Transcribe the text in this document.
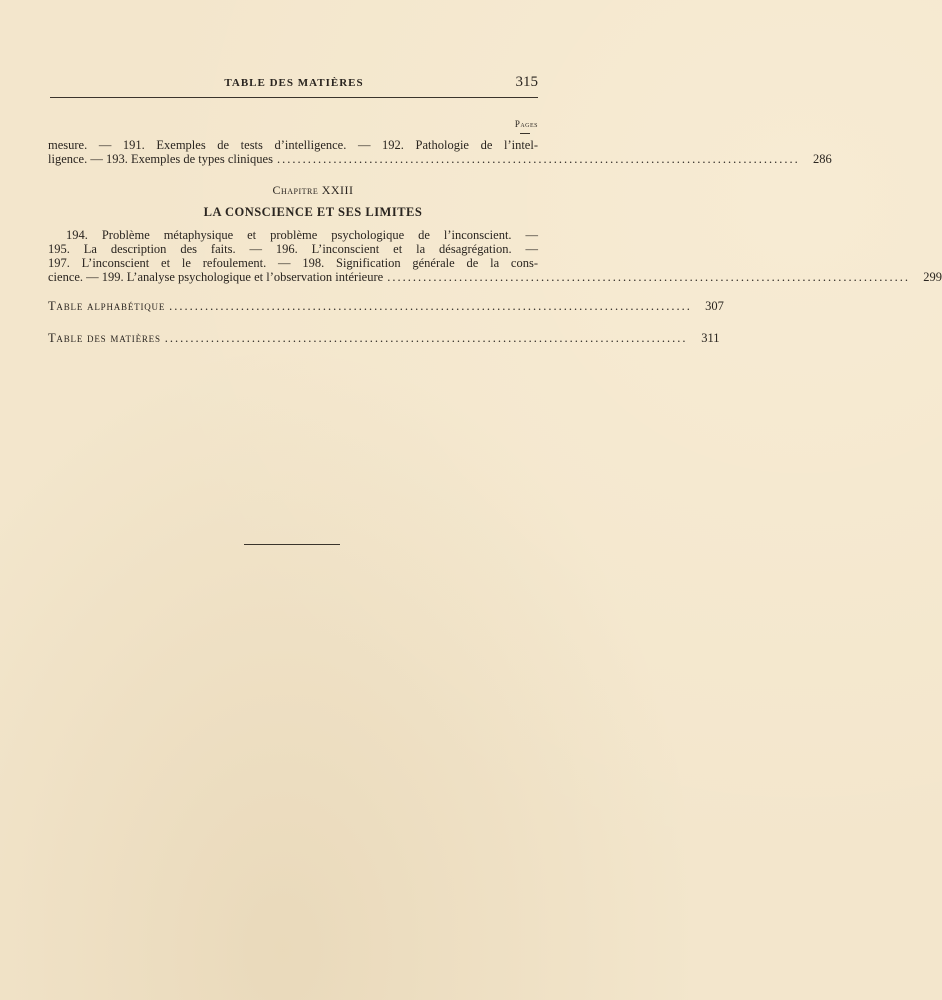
TABLE DES MATIÈRES	315
Pages
mesure. — 191. Exemples de tests d’intelligence. — 192. Pathologie de l’intel-
ligence. — 193. Exemples de types cliniques ......................................................................................................	286
Chapitre XXIII
LA CONSCIENCE ET SES LIMITES
194. Problème métaphysique et problème psychologique de l’inconscient. —
195. La description des faits. — 196. L’inconscient et la désagrégation. —
197. L’inconscient et le refoulement. — 198. Signification générale de la cons-
cience. — 199. L’analyse psychologique et l’observation intérieure ......................................................................................................	299
Table alphabétique ......................................................................................................	307
Table des matières ......................................................................................................	311
